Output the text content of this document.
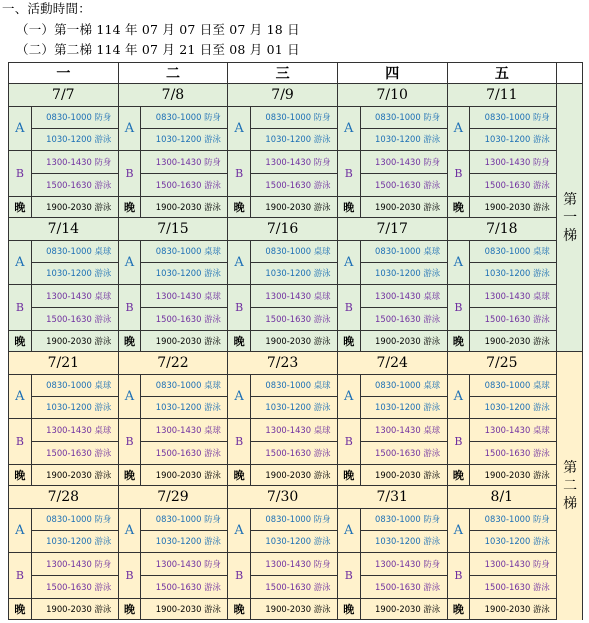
一、活動時間：
（一）第一梯 114 年 07 月 07 日至 07 月 18 日
（二）第二梯 114 年 07 月 21 日至 08 月 01 日
一		二		三		四		五		
7/7		7/8		7/9		7/10		7/11		第一梯
A	0830-1000 防身	A	0830-1000 防身	A	0830-1000 防身	A	0830-1000 防身	A	0830-1000 防身	

	1030-1200 游泳		1030-1200 游泳		1030-1200 游泳		1030-1200 游泳		1030-1200 游泳	

B	1300-1430 防身	B	1300-1430 防身	B	1300-1430 防身	B	1300-1430 防身	B	1300-1430 防身	

	1500-1630 游泳		1500-1630 游泳		1500-1630 游泳		1500-1630 游泳		1500-1630 游泳	

晚	1900-2030 游泳	晚	1900-2030 游泳	晚	1900-2030 游泳	晚	1900-2030 游泳	晚	1900-2030 游泳	
7/14		7/15		7/16		7/17		7/18		
A	0830-1000 桌球	A	0830-1000 桌球	A	0830-1000 桌球	A	0830-1000 桌球	A	0830-1000 桌球	

	1030-1200 游泳		1030-1200 游泳		1030-1200 游泳		1030-1200 游泳		1030-1200 游泳	

B	1300-1430 桌球	B	1300-1430 桌球	B	1300-1430 桌球	B	1300-1430 桌球	B	1300-1430 桌球	

	1500-1630 游泳		1500-1630 游泳		1500-1630 游泳		1500-1630 游泳		1500-1630 游泳	

晚	1900-2030 游泳	晚	1900-2030 游泳	晚	1900-2030 游泳	晚	1900-2030 游泳	晚	1900-2030 游泳	
7/21		7/22		7/23		7/24		7/25		第二梯
A	0830-1000 桌球	A	0830-1000 桌球	A	0830-1000 桌球	A	0830-1000 桌球	A	0830-1000 桌球	

	1030-1200 游泳		1030-1200 游泳		1030-1200 游泳		1030-1200 游泳		1030-1200 游泳	

B	1300-1430 桌球	B	1300-1430 桌球	B	1300-1430 桌球	B	1300-1430 桌球	B	1300-1430 桌球	

	1500-1630 游泳		1500-1630 游泳		1500-1630 游泳		1500-1630 游泳		1500-1630 游泳	

晚	1900-2030 游泳	晚	1900-2030 游泳	晚	1900-2030 游泳	晚	1900-2030 游泳	晚	1900-2030 游泳	
7/28		7/29		7/30		7/31		8/1		
A	0830-1000 防身	A	0830-1000 防身	A	0830-1000 防身	A	0830-1000 防身	A	0830-1000 防身	

	1030-1200 游泳		1030-1200 游泳		1030-1200 游泳		1030-1200 游泳		1030-1200 游泳	

B	1300-1430 防身	B	1300-1430 防身	B	1300-1430 防身	B	1300-1430 防身	B	1300-1430 防身	

	1500-1630 游泳		1500-1630 游泳		1500-1630 游泳		1500-1630 游泳		1500-1630 游泳	

晚	1900-2030 游泳	晚	1900-2030 游泳	晚	1900-2030 游泳	晚	1900-2030 游泳	晚	1900-2030 游泳	
